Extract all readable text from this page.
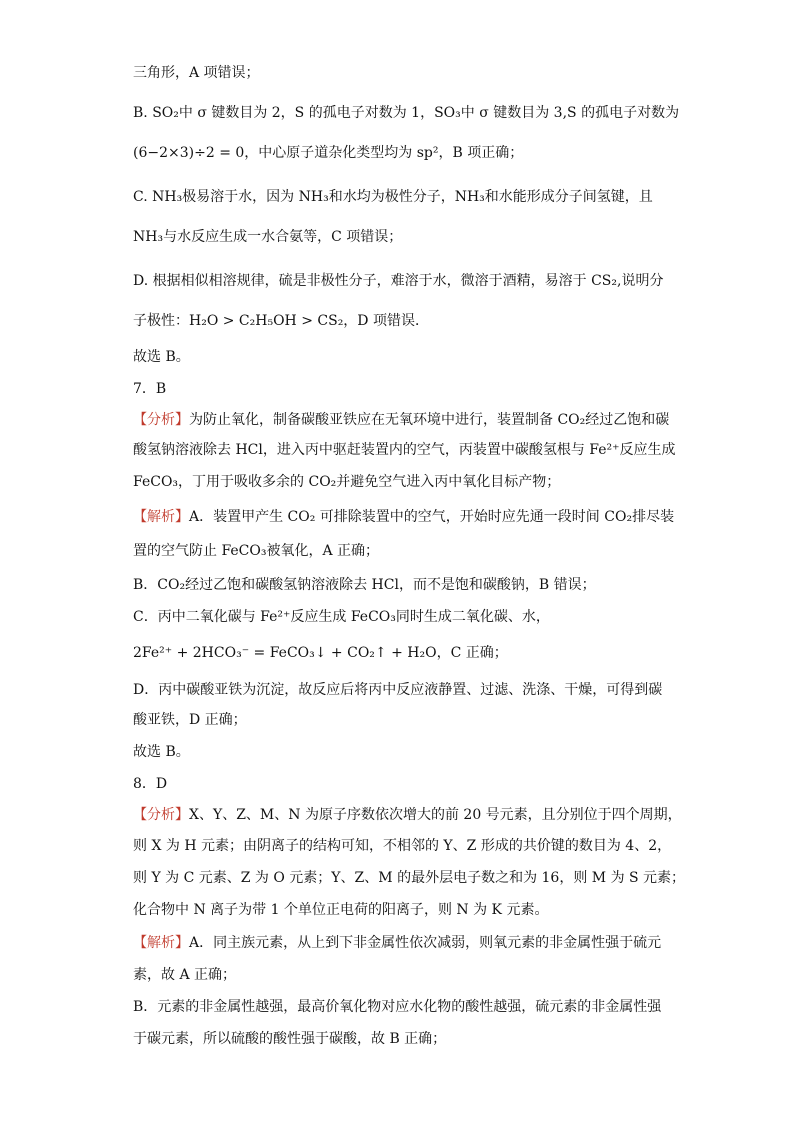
三角形，A 项错误；
B. SO₂中 σ 键数目为 2，S 的孤电子对数为 1，SO₃中 σ 键数目为 3,S 的孤电子对数为
(6−2×3)÷2 = 0，中心原子道杂化类型均为 sp²，B 项正确；
C. NH₃极易溶于水，因为 NH₃和水均为极性分子，NH₃和水能形成分子间氢键，且
NH₃与水反应生成一水合氨等，C 项错误；
D. 根据相似相溶规律，硫是非极性分子，难溶于水，微溶于酒精，易溶于 CS₂,说明分
子极性：H₂O > C₂H₅OH > CS₂，D 项错误．
故选 B。
7．B
【分析】为防止氧化，制备碳酸亚铁应在无氧环境中进行，装置制备 CO₂经过乙饱和碳
酸氢钠溶液除去 HCl，进入丙中驱赶装置内的空气，丙装置中碳酸氢根与 Fe²⁺反应生成
FeCO₃，丁用于吸收多余的 CO₂并避免空气进入丙中氧化目标产物；
【解析】A．装置甲产生 CO₂ 可排除装置中的空气，开始时应先通一段时间 CO₂排尽装
置的空气防止 FeCO₃被氧化，A 正确；
B．CO₂经过乙饱和碳酸氢钠溶液除去 HCl，而不是饱和碳酸钠，B 错误；
C．丙中二氧化碳与 Fe²⁺反应生成 FeCO₃同时生成二氧化碳、水，
2Fe²⁺ + 2HCO₃⁻ = FeCO₃↓ + CO₂↑ + H₂O，C 正确；
D．丙中碳酸亚铁为沉淀，故反应后将丙中反应液静置、过滤、洗涤、干燥，可得到碳
酸亚铁，D 正确；
故选 B。
8．D
【分析】X、Y、Z、M、N 为原子序数依次增大的前 20 号元素，且分别位于四个周期，
则 X 为 H 元素；由阴离子的结构可知，不相邻的 Y、Z 形成的共价键的数目为 4、2，
则 Y 为 C 元素、Z 为 O 元素；Y、Z、M 的最外层电子数之和为 16，则 M 为 S 元素；
化合物中 N 离子为带 1 个单位正电荷的阳离子，则 N 为 K 元素。
【解析】A．同主族元素，从上到下非金属性依次减弱，则氧元素的非金属性强于硫元
素，故 A 正确；
B．元素的非金属性越强，最高价氧化物对应水化物的酸性越强，硫元素的非金属性强
于碳元素，所以硫酸的酸性强于碳酸，故 B 正确；
